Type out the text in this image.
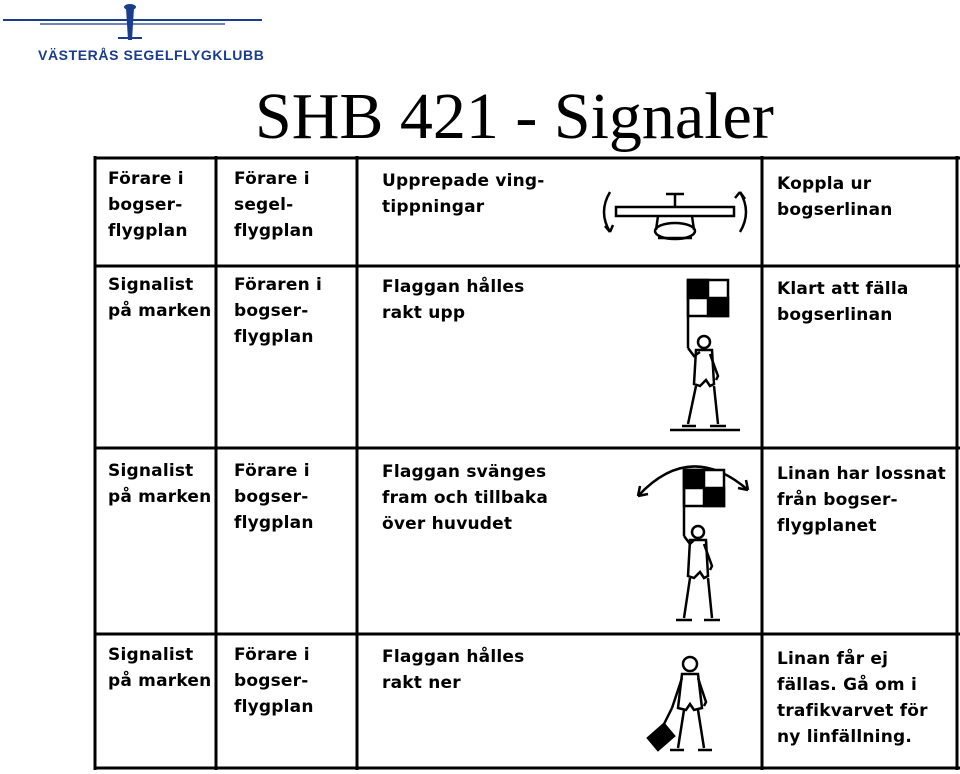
VÄSTERÅS SEGELFLYGKLUBB
SHB 421 - Signaler
Förare i
bogser-
flygplan
Förare i
segel-
flygplan
Upprepade ving-
tippningar
Koppla ur
bogserlinan
Signalist
på marken
Föraren i
bogser-
flygplan
Flaggan hålles
rakt upp
Klart att fälla
bogserlinan
Signalist
på marken
Förare i
bogser-
flygplan
Flaggan svänges
fram och tillbaka
över huvudet
Linan har lossnat
från bogser-
flygplanet
Signalist
på marken
Förare i
bogser-
flygplan
Flaggan hålles
rakt ner
Linan får ej
fällas. Gå om i
trafikvarvet för
ny linfällning.
